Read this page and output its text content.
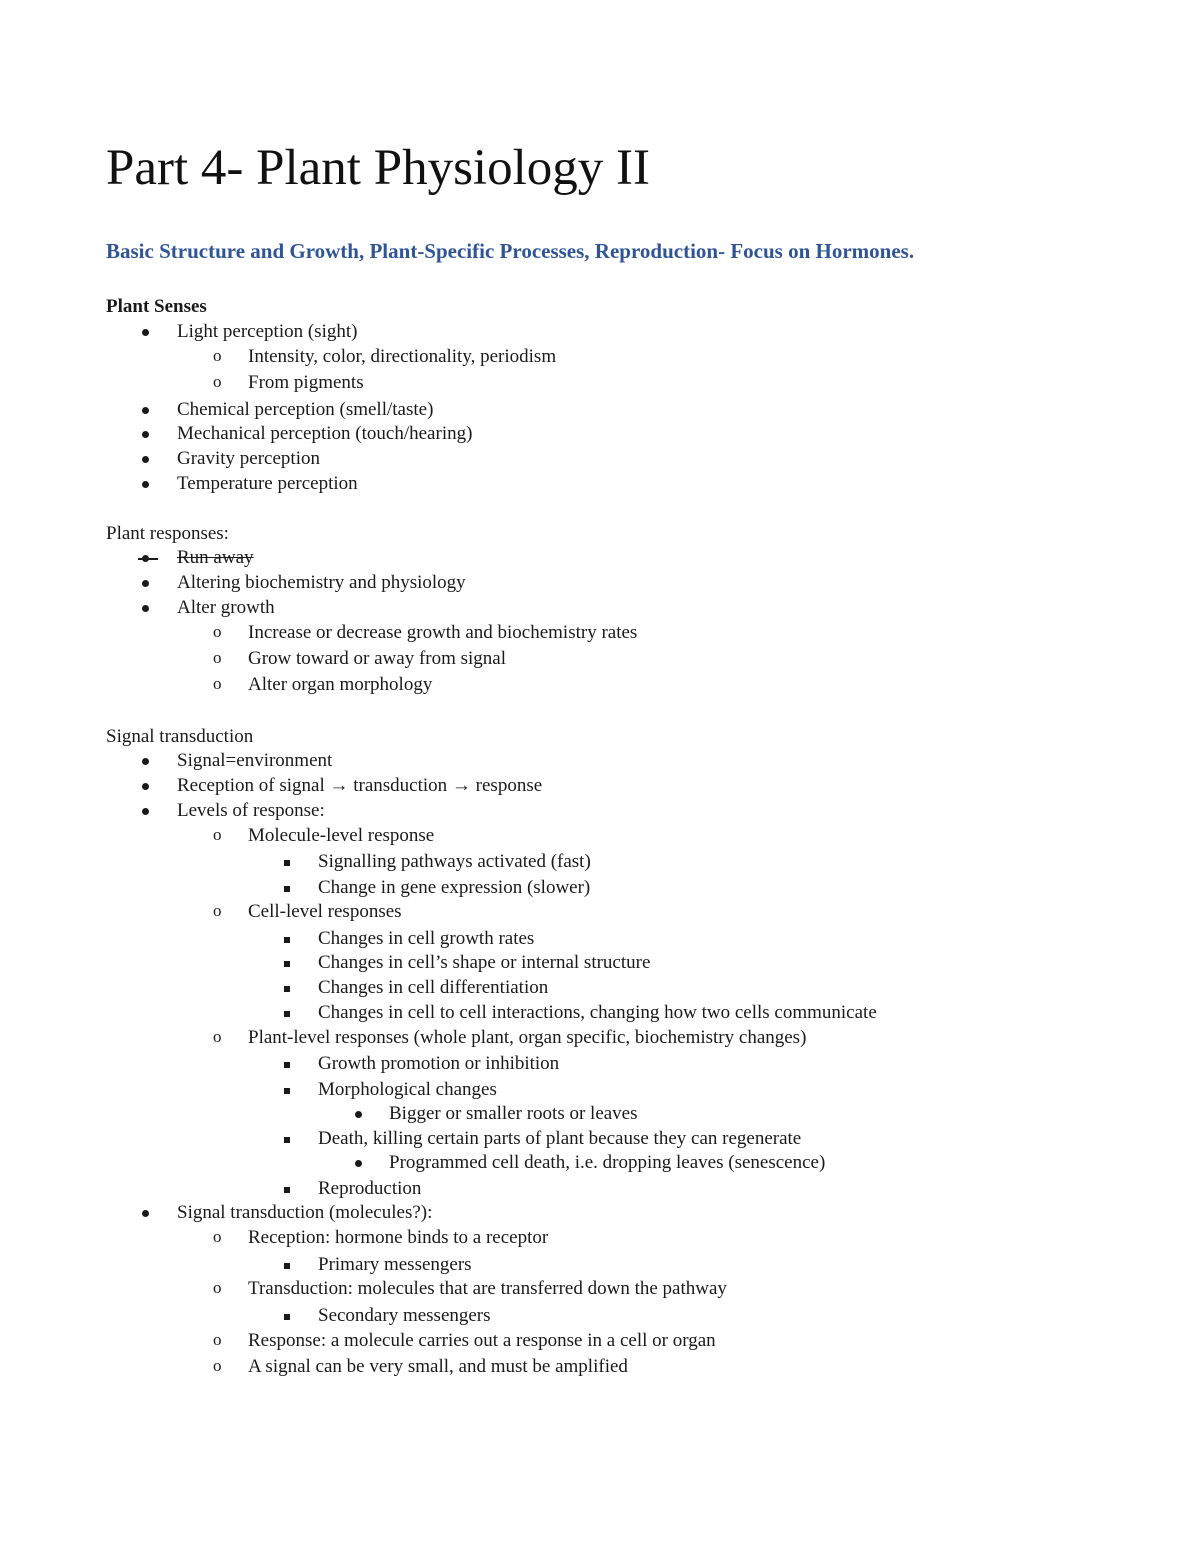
Part 4- Plant Physiology II
Basic Structure and Growth, Plant-Specific Processes, Reproduction- Focus on Hormones.
Plant Senses
Light perception (sight)
o Intensity, color, directionality, periodism
o From pigments
Chemical perception (smell/taste)
Mechanical perception (touch/hearing)
Gravity perception
Temperature perception
Plant responses:
Run away
Altering biochemistry and physiology
Alter growth
o Increase or decrease growth and biochemistry rates
o Grow toward or away from signal
o Alter organ morphology
Signal transduction
Signal=environment
Reception of signal → transduction → response
Levels of response:
o Molecule-level response
Signalling pathways activated (fast)
Change in gene expression (slower)
o Cell-level responses
Changes in cell growth rates
Changes in cell’s shape or internal structure
Changes in cell differentiation
Changes in cell to cell interactions, changing how two cells communicate
o Plant-level responses (whole plant, organ specific, biochemistry changes)
Growth promotion or inhibition
Morphological changes
Bigger or smaller roots or leaves
Death, killing certain parts of plant because they can regenerate
Programmed cell death, i.e. dropping leaves (senescence)
Reproduction
Signal transduction (molecules?):
o Reception: hormone binds to a receptor
Primary messengers
o Transduction: molecules that are transferred down the pathway
Secondary messengers
o Response: a molecule carries out a response in a cell or organ
o A signal can be very small, and must be amplified
